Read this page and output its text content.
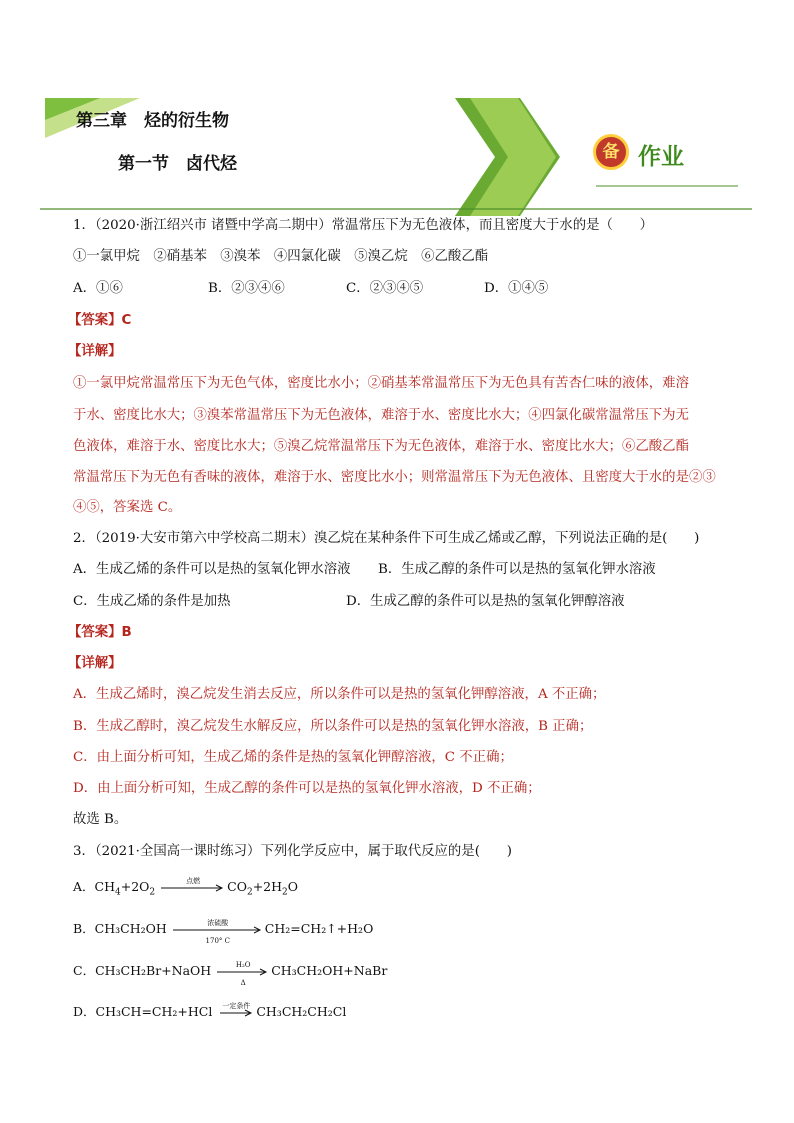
第三章　烃的衍生物
第一节　卤代烃
备 作业
1．（2020·浙江绍兴市 诸暨中学高二期中）常温常压下为无色液体，而且密度大于水的是（　　）
①一氯甲烷　②硝基苯　③溴苯　④四氯化碳　⑤溴乙烷　⑥乙酸乙酯
A．①⑥	B．②③④⑥	C．②③④⑤	D．①④⑤
【答案】C
【详解】
①一氯甲烷常温常压下为无色气体，密度比水小；②硝基苯常温常压下为无色具有苦杏仁味的液体，难溶
于水、密度比水大；③溴苯常温常压下为无色液体，难溶于水、密度比水大；④四氯化碳常温常压下为无
色液体，难溶于水、密度比水大；⑤溴乙烷常温常压下为无色液体，难溶于水、密度比水大；⑥乙酸乙酯
常温常压下为无色有香味的液体，难溶于水、密度比水小；则常温常压下为无色液体、且密度大于水的是②③
④⑤，答案选 C。
2．（2019·大安市第六中学校高二期末）溴乙烷在某种条件下可生成乙烯或乙醇，下列说法正确的是(　　)
A．生成乙烯的条件可以是热的氢氧化钾水溶液 B．生成乙醇的条件可以是热的氢氧化钾水溶液
C．生成乙烯的条件是加热	D．生成乙醇的条件可以是热的氢氧化钾醇溶液
【答案】B
【详解】
A．生成乙烯时，溴乙烷发生消去反应，所以条件可以是热的氢氧化钾醇溶液，A 不正确；
B．生成乙醇时，溴乙烷发生水解反应，所以条件可以是热的氢氧化钾水溶液，B 正确；
C．由上面分析可知，生成乙烯的条件是热的氢氧化钾醇溶液，C 不正确；
D．由上面分析可知，生成乙醇的条件可以是热的氢氧化钾水溶液，D 不正确；
故选 B。
3．（2021·全国高一课时练习）下列化学反应中，属于取代反应的是(　　)
A．$CH_4+2O_2$
点燃	$CO_2+2H_2O$
B．CH₃CH₂OH	浓硫酸
170° C
CH₂=CH₂↑+H₂O
C．CH₃CH₂Br+NaOH	H₂O
Δ
CH₃CH₂OH+NaBr
D．CH₃CH=CH₂+HCl	一定条件 CH₃CH₂CH₂Cl
